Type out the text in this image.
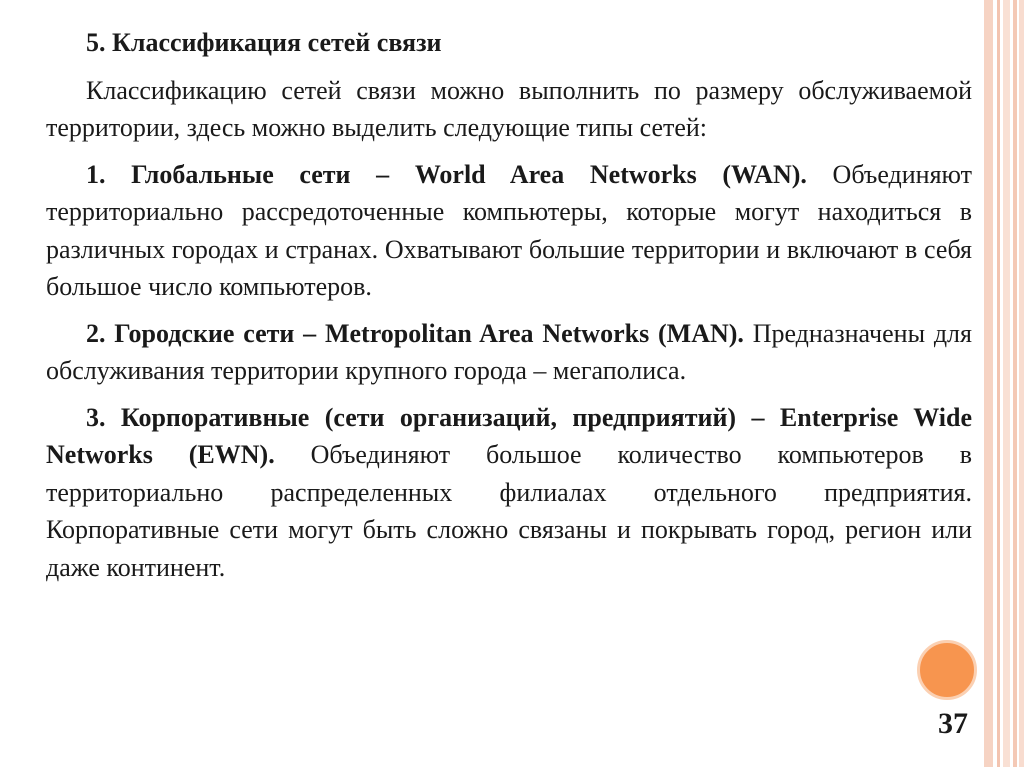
5. Классификация сетей связи

Классификацию сетей связи можно выполнить по размеру обслуживаемой территории, здесь можно выделить следующие типы сетей:

1. Глобальные сети – World Area Networks (WAN). Объединяют территориально рассредоточенные компьютеры, которые могут находиться в различных городах и странах. Охватывают большие территории и включают в себя большое число компьютеров.

2. Городские сети – Metropolitan Area Networks (MAN). Предназначены для обслуживания территории крупного города – мегаполиса.

3. Корпоративные (сети организаций, предприятий) – Enterprise Wide Networks (EWN). Объединяют большое количество компьютеров в территориально распределенных филиалах отдельного предприятия. Корпоративные сети могут быть сложно связаны и покрывать город, регион или даже континент.

37
